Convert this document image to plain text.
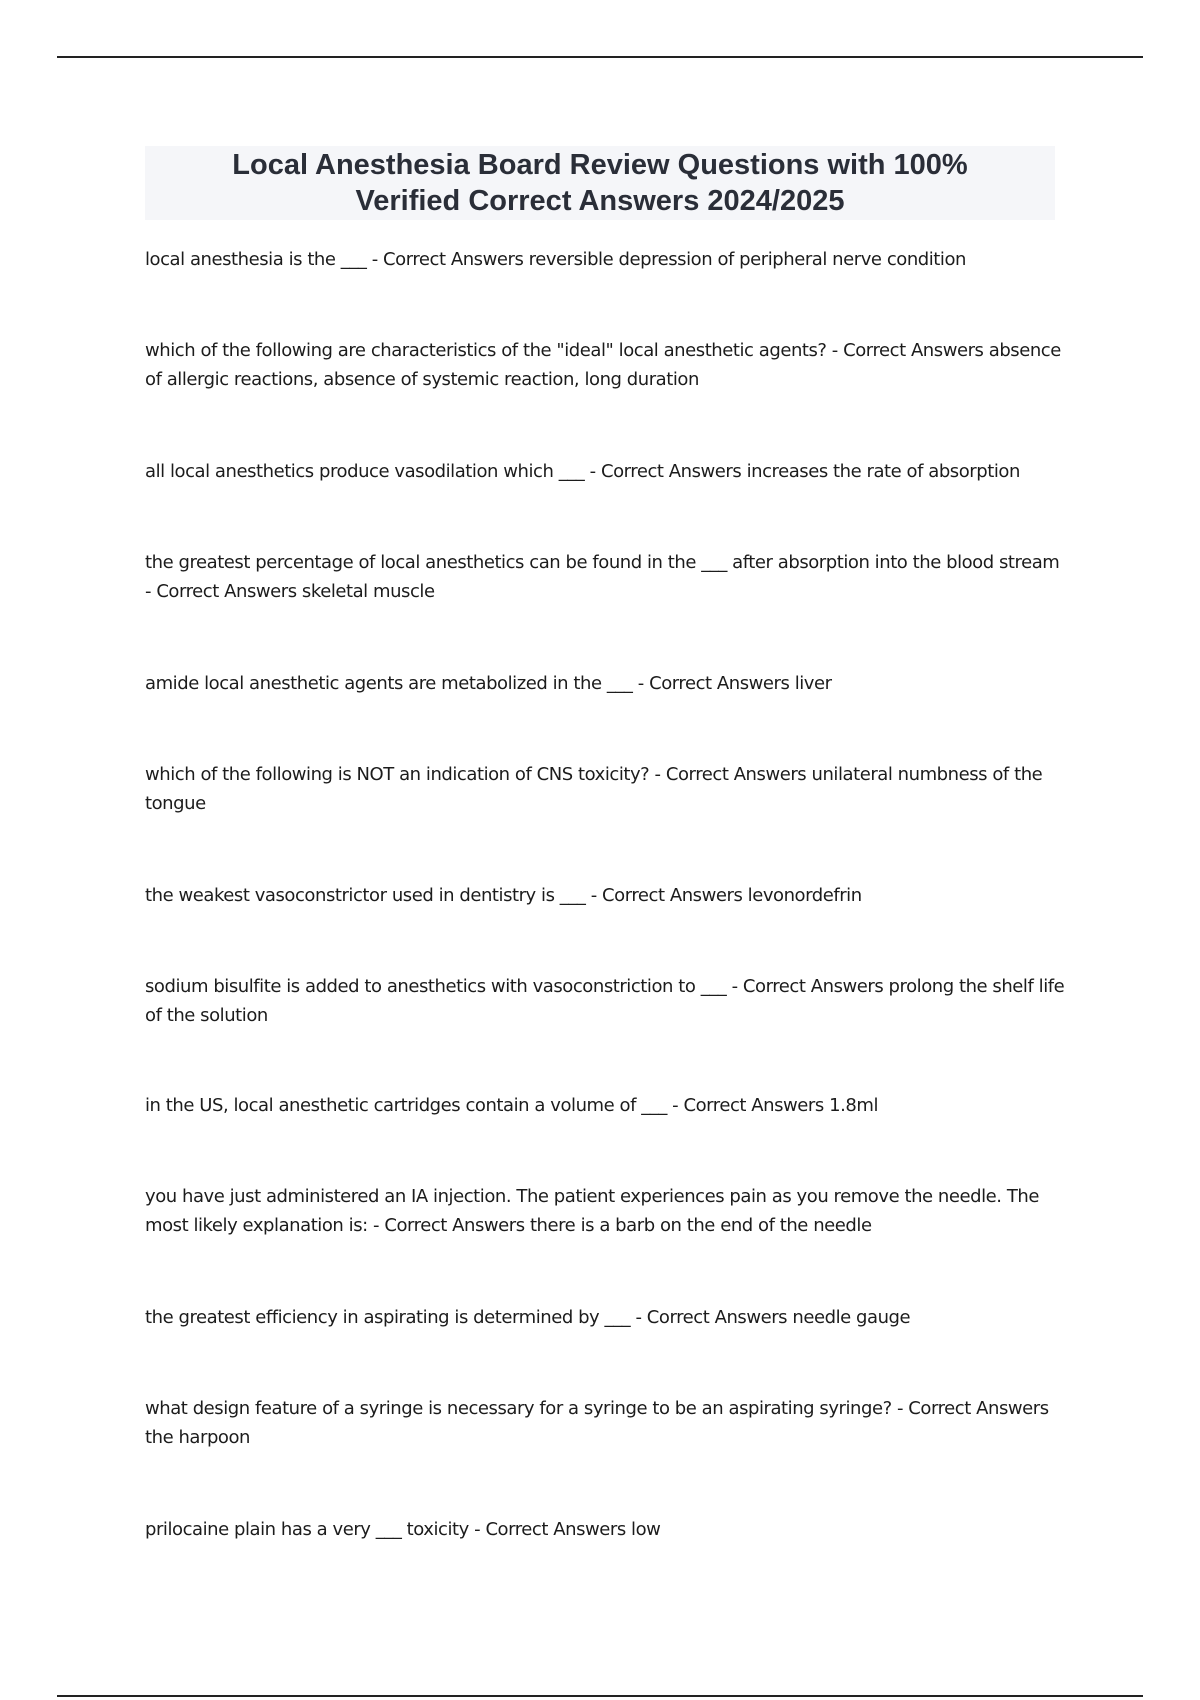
Local Anesthesia Board Review Questions with 100%
Verified Correct Answers 2024/2025

local anesthesia is the ___ - Correct Answers reversible depression of peripheral nerve condition

which of the following are characteristics of the "ideal" local anesthetic agents? - Correct Answers absence of allergic reactions, absence of systemic reaction, long duration

all local anesthetics produce vasodilation which ___ - Correct Answers increases the rate of absorption

the greatest percentage of local anesthetics can be found in the ___ after absorption into the blood stream - Correct Answers skeletal muscle

amide local anesthetic agents are metabolized in the ___ - Correct Answers liver

which of the following is NOT an indication of CNS toxicity? - Correct Answers unilateral numbness of the tongue

the weakest vasoconstrictor used in dentistry is ___ - Correct Answers levonordefrin

sodium bisulfite is added to anesthetics with vasoconstriction to ___ - Correct Answers prolong the shelf life of the solution

in the US, local anesthetic cartridges contain a volume of ___ - Correct Answers 1.8ml

you have just administered an IA injection. The patient experiences pain as you remove the needle. The most likely explanation is: - Correct Answers there is a barb on the end of the needle

the greatest efficiency in aspirating is determined by ___ - Correct Answers needle gauge

what design feature of a syringe is necessary for a syringe to be an aspirating syringe? - Correct Answers the harpoon

prilocaine plain has a very ___ toxicity - Correct Answers low
